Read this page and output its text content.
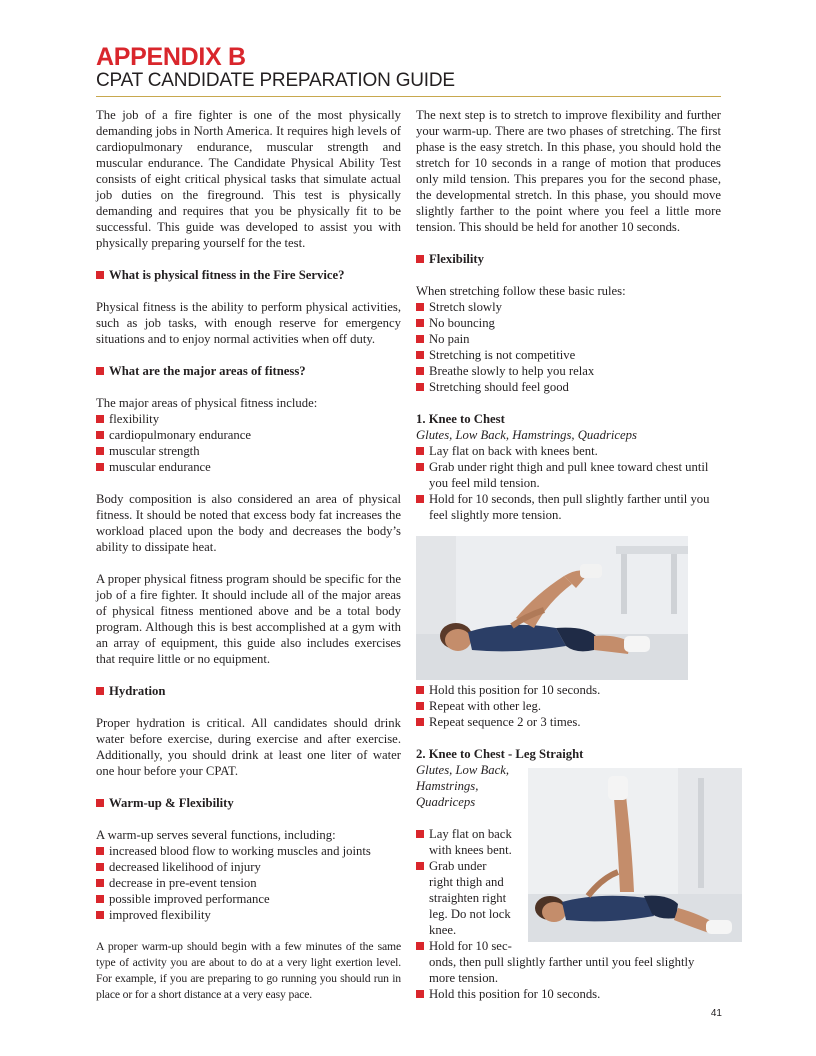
APPENDIX B
CPAT CANDIDATE PREPARATION GUIDE

The job of a fire fighter is one of the most physically demanding jobs in North America. It requires high levels of cardiopulmonary endurance, muscular strength and muscular endurance. The Candidate Physical Ability Test consists of eight critical physical tasks that simulate actual job duties on the fireground. This test is physically demanding and requires that you be physically fit to be successful. This guide was developed to assist you with physically preparing yourself for the test.

What is physical fitness in the Fire Service?

Physical fitness is the ability to perform physical activities, such as job tasks, with enough reserve for emergency situations and to enjoy normal activities when off duty.

What are the major areas of fitness?

The major areas of physical fitness include:

flexibility
cardiopulmonary endurance
muscular strength
muscular endurance

Body composition is also considered an area of physical fitness. It should be noted that excess body fat increases the workload placed upon the body and decreases the body’s ability to dissipate heat.

A proper physical fitness program should be specific for the job of a fire fighter. It should include all of the major areas of physical fitness mentioned above and be a total body program. Although this is best accomplished at a gym with an array of equipment, this guide also includes exercises that require little or no equipment.

Hydration

Proper hydration is critical. All candidates should drink water before exercise, during exercise and after exercise. Additionally, you should drink at least one liter of water one hour before your CPAT.

Warm-up & Flexibility

A warm-up serves several functions, including:

increased blood flow to working muscles and joints
decreased likelihood of injury
decrease in pre-event tension
possible improved performance
improved flexibility

A proper warm-up should begin with a few minutes of the same type of activity you are about to do at a very light exertion level. For example, if you are preparing to go running you should run in place or for a short distance at a very easy pace.

The next step is to stretch to improve flexibility and further your warm-up. There are two phases of stretching. The first phase is the easy stretch. In this phase, you should hold the stretch for 10 seconds in a range of motion that produces only mild tension. This prepares you for the second phase, the developmental stretch. In this phase, you should move slightly farther to the point where you feel a little more tension. This should be held for another 10 seconds.

Flexibility

When stretching follow these basic rules:

Stretch slowly
No bouncing
No pain
Stretching is not competitive
Breathe slowly to help you relax
Stretching should feel good

1. Knee to Chest

Glutes, Low Back, Hamstrings, Quadriceps

Lay flat on back with knees bent.
Grab under right thigh and pull knee toward chest until you feel mild tension.
Hold for 10 seconds, then pull slightly farther until you feel slightly more tension.
Hold this position for 10 seconds.
Repeat with other leg.
Repeat sequence 2 or 3 times.

2. Knee to Chest - Leg Straight

Glutes, Low Back,

Hamstrings,

Quadriceps

Lay flat on back
with knees bent.
Grab under
right thigh and
straighten right
leg. Do not lock
knee.
Hold for 10 sec-
onds, then pull slightly farther until you feel slightly
more tension.
Hold this position for 10 seconds.
41
